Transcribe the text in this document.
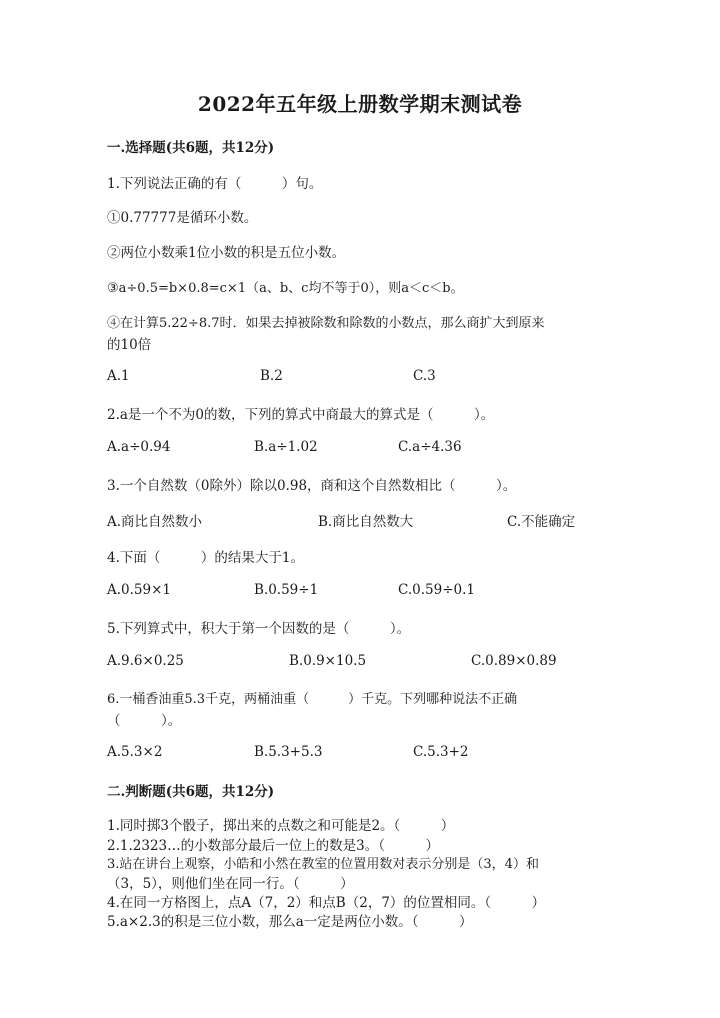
2022年五年级上册数学期末测试卷
一.选择题(共6题，共12分)
1.下列说法正确的有（　　　）句。
①0.77777是循环小数。
②两位小数乘1位小数的积是五位小数。
③a÷0.5=b×0.8=c×1（a、b、c均不等于0），则a＜c＜b。
④在计算5.22÷8.7时．如果去掉被除数和除数的小数点，那么商扩大到原来
的10倍
A.1	B.2	C.3
2.a是一个不为0的数，下列的算式中商最大的算式是（　　　）。
A.a÷0.94	B.a÷1.02	C.a÷4.36
3.一个自然数（0除外）除以0.98，商和这个自然数相比（　　　）。
A.商比自然数小	B.商比自然数大	C.不能确定
4.下面（　　　）的结果大于1。
A.0.59×1	B.0.59÷1	C.0.59÷0.1
5.下列算式中，积大于第一个因数的是（　　　）。
A.9.6×0.25	B.0.9×10.5	C.0.89×0.89
6.一桶香油重5.3千克，两桶油重（　　　）千克。下列哪种说法不正确
（　　　）。
A.5.3×2	B.5.3+5.3	C.5.3+2
二.判断题(共6题，共12分)
1.同时掷3个骰子，掷出来的点数之和可能是2。（　　　）
2.1.2323…的小数部分最后一位上的数是3。（　　　）
3.站在讲台上观察，小皓和小然在教室的位置用数对表示分别是（3，4）和
（3，5），则他们坐在同一行。（　　　）
4.在同一方格图上，点A（7，2）和点B（2，7）的位置相同。（　　　）
5.a×2.3的积是三位小数，那么a一定是两位小数。（　　　）
